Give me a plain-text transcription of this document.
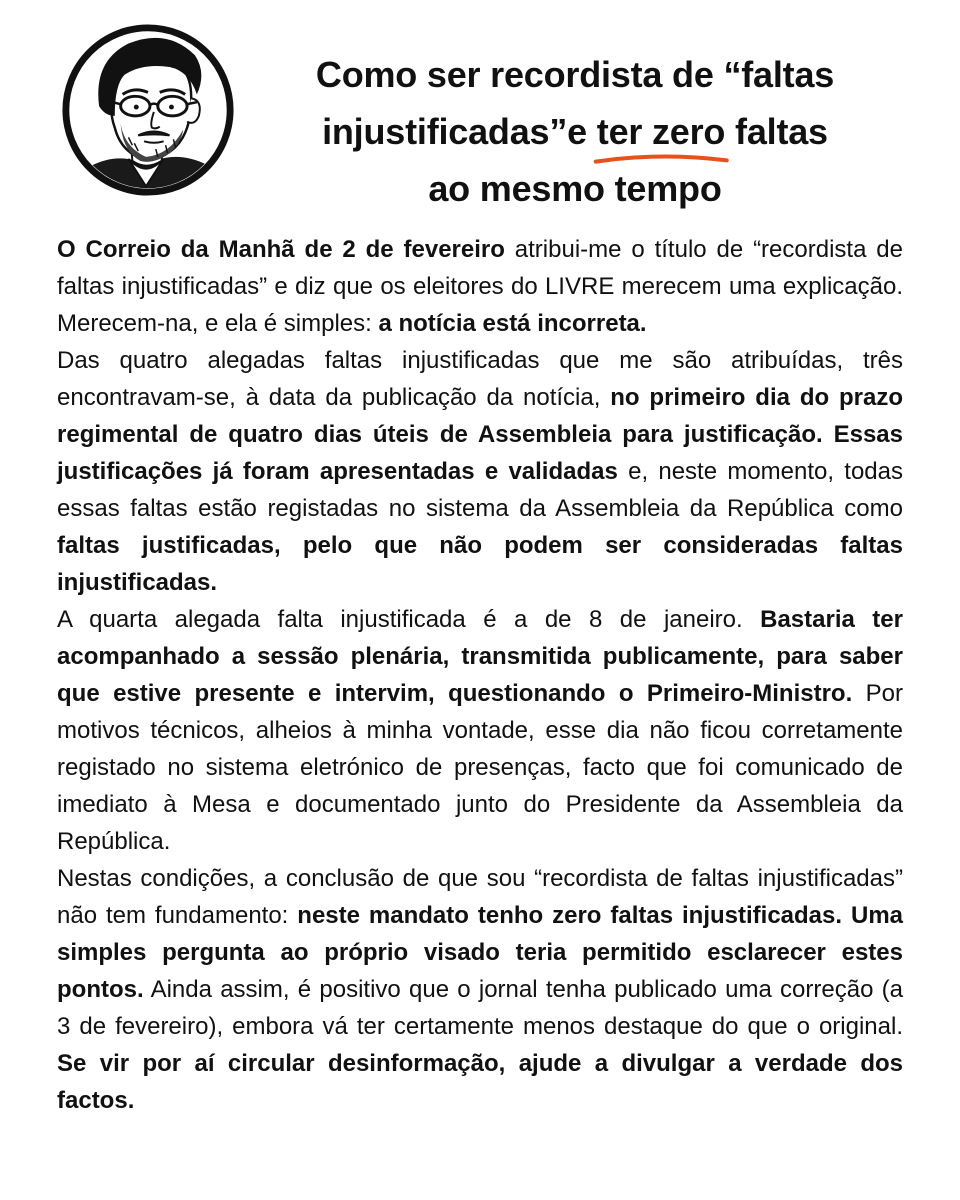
Como ser recordista de “faltas
injustificadas”e ter zero
faltas
ao mesmo tempo

O Correio da Manhã de 2 de fevereiro atribui-me o título de “recordista de faltas injustificadas” e diz que os eleitores do LIVRE merecem uma explicação. Merecem-na, e ela é simples: a notícia está incorreta.

Das quatro alegadas faltas injustificadas que me são atribuídas, três encontravam-se, à data da publicação da notícia, no primeiro dia do prazo regimental de quatro dias úteis de Assembleia para justificação. Essas justificações já foram apresentadas e validadas e, neste momento, todas essas faltas estão registadas no sistema da Assembleia da República como faltas justificadas, pelo que não podem ser consideradas faltas injustificadas.

A quarta alegada falta injustificada é a de 8 de janeiro. Bastaria ter acompanhado a sessão plenária, transmitida publicamente, para saber que estive presente e intervim, questionando o Primeiro-Ministro. Por motivos técnicos, alheios à minha vontade, esse dia não ficou corretamente registado no sistema eletrónico de presenças, facto que foi comunicado de imediato à Mesa e documentado junto do Presidente da Assembleia da República.

Nestas condições, a conclusão de que sou “recordista de faltas injustificadas” não tem fundamento: neste mandato tenho zero faltas injustificadas. Uma simples pergunta ao próprio visado teria permitido esclarecer estes pontos. Ainda assim, é positivo que o jornal tenha publicado uma correção (a 3 de fevereiro), embora vá ter certamente menos destaque do que o original. Se vir por aí circular desinformação, ajude a divulgar a verdade dos factos.
